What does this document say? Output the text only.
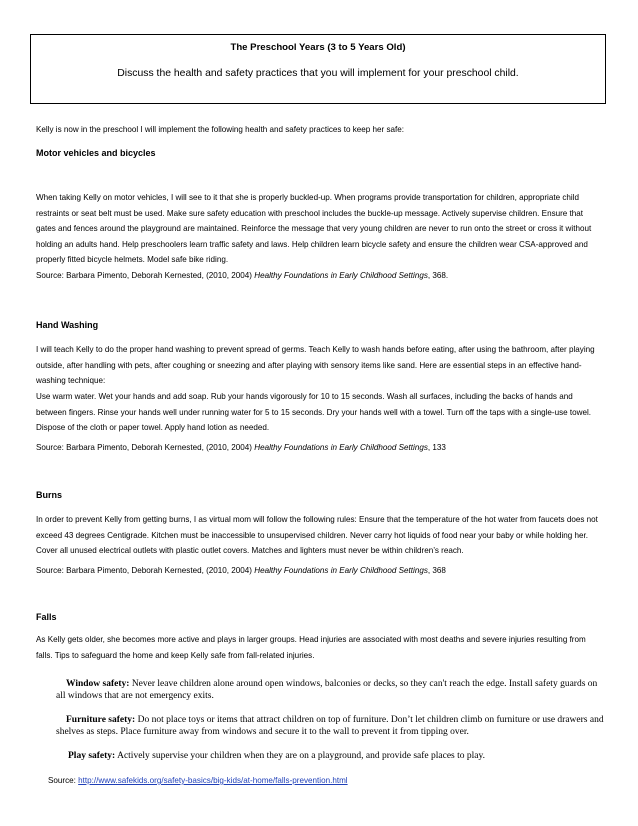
The Preschool Years (3 to 5 Years Old)
Discuss the health and safety practices that you will implement for your preschool child.

Kelly is now in the preschool I will implement the following health and safety practices to keep her safe:

Motor vehicles and bicycles

When taking Kelly on motor vehicles, I will see to it that she is properly buckled-up. When programs provide transportation for children, appropriate child restraints or seat belt must be used. Make sure safety education with preschool includes the buckle-up message. Actively supervise children. Ensure that gates and fences around the playground are maintained. Reinforce the message that very young children are never to run onto the street or cross it without holding an adults hand. Help preschoolers learn traffic safety and laws. Help children learn bicycle safety and ensure the children wear CSA-approved and properly fitted bicycle helmets. Model safe bike riding.

Source: Barbara Pimento, Deborah Kernested, (2010, 2004) Healthy Foundations in Early Childhood Settings, 368.

Hand Washing

I will teach Kelly to do the proper hand washing to prevent spread of germs. Teach Kelly to wash hands before eating, after using the bathroom, after playing outside, after handling with pets, after coughing or sneezing and after playing with sensory items like sand. Here are essential steps in an effective hand-washing technique:

Use warm water. Wet your hands and add soap. Rub your hands vigorously for 10 to 15 seconds. Wash all surfaces, including the backs of hands and between fingers. Rinse your hands well under running water for 5 to 15 seconds. Dry your hands well with a towel. Turn off the taps with a single-use towel. Dispose of the cloth or paper towel. Apply hand lotion as needed.

Source: Barbara Pimento, Deborah Kernested, (2010, 2004) Healthy Foundations in Early Childhood Settings, 133

Burns

In order to prevent Kelly from getting burns, I as virtual mom will follow the following rules: Ensure that the temperature of the hot water from faucets does not exceed 43 degrees Centigrade. Kitchen must be inaccessible to unsupervised children. Never carry hot liquids of food near your baby or while holding her. Cover all unused electrical outlets with plastic outlet covers. Matches and lighters must never be within children’s reach.

Source: Barbara Pimento, Deborah Kernested, (2010, 2004) Healthy Foundations in Early Childhood Settings, 368

Falls

As Kelly gets older, she becomes more active and plays in larger groups. Head injuries are associated with most deaths and severe injuries resulting from falls. Tips to safeguard the home and keep Kelly safe from fall-related injuries.

Window safety: Never leave children alone around open windows, balconies or decks, so they can't reach the edge. Install safety guards on all windows that are not emergency exits.

Furniture safety: Do not place toys or items that attract children on top of furniture. Don’t let children climb on furniture or use drawers and shelves as steps. Place furniture away from windows and secure it to the wall to prevent it from tipping over.

Play safety: Actively supervise your children when they are on a playground, and provide safe places to play.

Source: http://www.safekids.org/safety-basics/big-kids/at-home/falls-prevention.html
